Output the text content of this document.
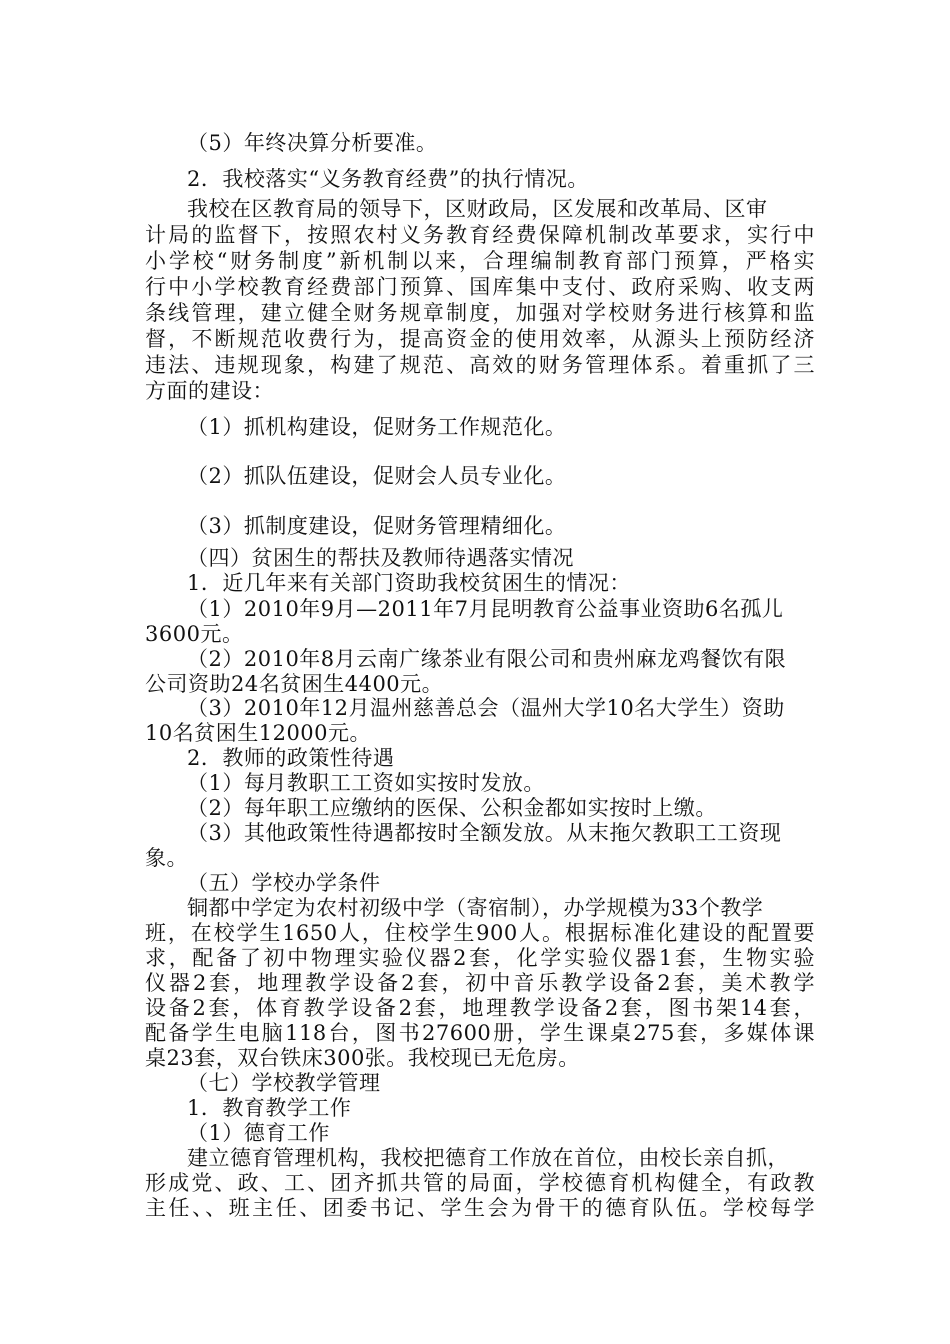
（5）年终决算分析要准。
2．我校落实“义务教育经费”的执行情况。
我校在区教育局的领导下，区财政局，区发展和改革局、区审
计局的监督下，按照农村义务教育经费保障机制改革要求，实行中
小学校“财务制度”新机制以来，合理编制教育部门预算，严格实
行中小学校教育经费部门预算、国库集中支付、政府采购、收支两
条线管理，建立健全财务规章制度，加强对学校财务进行核算和监
督，不断规范收费行为，提高资金的使用效率，从源头上预防经济
违法、违规现象，构建了规范、高效的财务管理体系。着重抓了三
方面的建设：
（1）抓机构建设，促财务工作规范化。
（2）抓队伍建设，促财会人员专业化。
（3）抓制度建设，促财务管理精细化。
（四）贫困生的帮扶及教师待遇落实情况
1．近几年来有关部门资助我校贫困生的情况：
（1）2010年9月—2011年7月昆明教育公益事业资助6名孤儿
3600元。
（2）2010年8月云南广缘茶业有限公司和贵州麻龙鸡餐饮有限
公司资助24名贫困生4400元。
（3）2010年12月温州慈善总会（温州大学10名大学生）资助
10名贫困生12000元。
2．教师的政策性待遇
（1）每月教职工工资如实按时发放。
（2）每年职工应缴纳的医保、公积金都如实按时上缴。
（3）其他政策性待遇都按时全额发放。从末拖欠教职工工资现
象。
（五）学校办学条件
铜都中学定为农村初级中学（寄宿制），办学规模为33个教学
班，在校学生1650人，住校学生900人。根据标准化建设的配置要
求，配备了初中物理实验仪器2套，化学实验仪器1套，生物实验
仪器2套，地理教学设备2套，初中音乐教学设备2套，美术教学
设备2套，体育教学设备2套，地理教学设备2套，图书架14套，
配备学生电脑118台，图书27600册，学生课桌275套，多媒体课
桌23套，双台铁床300张。我校现已无危房。
（七）学校教学管理
1．教育教学工作
（1）德育工作
建立德育管理机构，我校把德育工作放在首位，由校长亲自抓，
形成党、政、工、团齐抓共管的局面，学校德育机构健全，有政教
主任、、班主任、团委书记、学生会为骨干的德育队伍。学校每学
